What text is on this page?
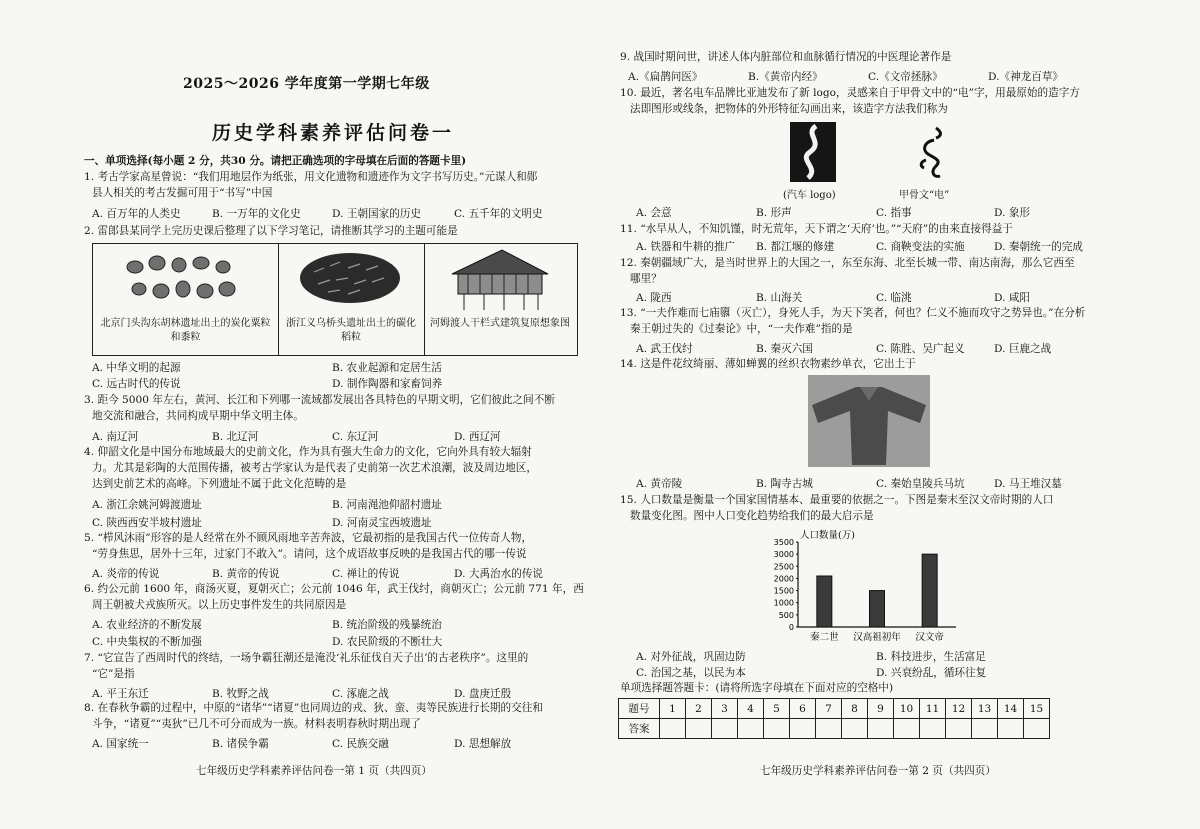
2025～2026 学年度第一学期七年级
历史学科素养评估问卷一
一、单项选择(每小题 2 分，共30 分。请把正确选项的字母填在后面的答题卡里)
1. 考古学家高星曾说：“我们用地层作为纸张，用文化遗物和遗迹作为文字书写历史。”元谋人和郧
县人相关的考古发掘可用于“书写”中国
A. 百万年的人类史	B. 一万年的文化史	D. 王朝国家的历史	C. 五千年的文明史
2. 雷郎县某同学上完历史课后整理了以下学习笔记，请推断其学习的主题可能是
北京门头沟东胡林遗址出土的炭化粟粒和黍粒
浙江义乌桥头遗址出土的碳化稻粒
河姆渡人干栏式建筑复原想象图
A. 中华文明的起源	B. 农业起源和定居生活
C. 远古时代的传说	D. 制作陶器和家畜饲养
3. 距今 5000 年左右，黄河、长江和下列哪一流域都发展出各具特色的早期文明，它们彼此之间不断
地交流和融合，共同构成早期中华文明主体。
A. 南辽河	B. 北辽河	C. 东辽河	D. 西辽河
4. 仰韶文化是中国分布地域最大的史前文化，作为具有强大生命力的文化，它向外具有较大辐射
力。尤其是彩陶的大范围传播，被考古学家认为是代表了史前第一次艺术浪潮，波及周边地区，
达到史前艺术的高峰。下列遗址不属于此文化范畴的是
A. 浙江余姚河姆渡遗址	B. 河南渑池仰韶村遗址
C. 陕西西安半坡村遗址	D. 河南灵宝西坡遗址
5. “栉风沐雨”形容的是人经常在外不顾风雨地辛苦奔波，它最初指的是我国古代一位传奇人物，
“劳身焦思，居外十三年，过家门不敢入”。请问，这个成语故事反映的是我国古代的哪一传说
A. 炎帝的传说	B. 黄帝的传说	C. 禅让的传说	D. 大禹治水的传说
6. 约公元前 1600 年，商汤灭夏，夏朝灭亡；公元前 1046 年，武王伐纣，商朝灭亡；公元前 771 年，西
周王朝被犬戎族所灭。以上历史事件发生的共同原因是
A. 农业经济的不断发展	B. 统治阶级的残暴统治
C. 中央集权的不断加强	D. 农民阶级的不断壮大
7. “它宣告了西周时代的终结，一场争霸狂潮还是淹没‘礼乐征伐自天子出’的古老秩序”。这里的
“它”是指
A. 平王东迁	B. 牧野之战	C. 涿鹿之战	D. 盘庚迁殷
8. 在春秋争霸的过程中，中原的“诸华”“诸夏”也同周边的戎、狄、蛮、夷等民族进行长期的交往和
斗争，“诸夏”“夷狄”已几不可分而成为一族。材料表明春秋时期出现了
A. 国家统一	B. 诸侯争霸	C. 民族交融	D. 思想解放
七年级历史学科素养评估问卷一第 1 页（共四页）
9. 战国时期问世，讲述人体内脏部位和血脉循行情况的中医理论著作是
A.《扁鹊问医》	B.《黄帝内经》	C.《文帝拯脉》	D.《神龙百草》
10. 最近，著名电车品牌比亚迪发布了新 logo，灵感来自于甲骨文中的“电”字，用最原始的造字方
法即图形或线条，把物体的外形特征勾画出来，该造字方法我们称为
(汽车 logo)	甲骨文“电”
A. 会意	B. 形声	C. 指事	D. 象形
11. “水旱从人，不知饥馑，时无荒年，天下谓之‘天府’也。”“天府”的由来直接得益于
A. 铁器和牛耕的推广 B. 都江堰的修建	C. 商鞅变法的实施	D. 秦朝统一的完成
12. 秦朝疆域广大，是当时世界上的大国之一，东至东海、北至长城一带、南达南海，那么它西至
哪里？
A. 陇西	B. 山海关	C. 临洮	D. 咸阳
13. “一夫作难而七庙隳（灭亡），身死人手，为天下笑者，何也？仁义不施而攻守之势异也。”在分析
秦王朝过失的《过秦论》中，“一夫作难”指的是
A. 武王伐纣	B. 秦灭六国	C. 陈胜、吴广起义	D. 巨鹿之战
14. 这是件花纹绮丽、薄如蝉翼的丝织衣物素纱单衣，它出土于
A. 黄帝陵	B. 陶寺古城	C. 秦始皇陵兵马坑	D. 马王堆汉墓
15. 人口数量是衡量一个国家国情基本、最重要的依据之一。下图是秦末至汉文帝时期的人口
数量变化图。图中人口变化趋势给我们的最大启示是
人口数量(万)
0
500
1000
1500
2000
2500
3000
3500
秦二世 汉高祖初年 汉文帝
A. 对外征战，巩固边防	B. 科技进步，生活富足
C. 治国之基，以民为本	D. 兴衰纷乱，循环往复
单项选择题答题卡：(请将所选字母填在下面对应的空格中)
题号	1	2	3	4	5	6	7	8	9	10	11	12	13	14	15
答案															
七年级历史学科素养评估问卷一第 2 页（共四页）
